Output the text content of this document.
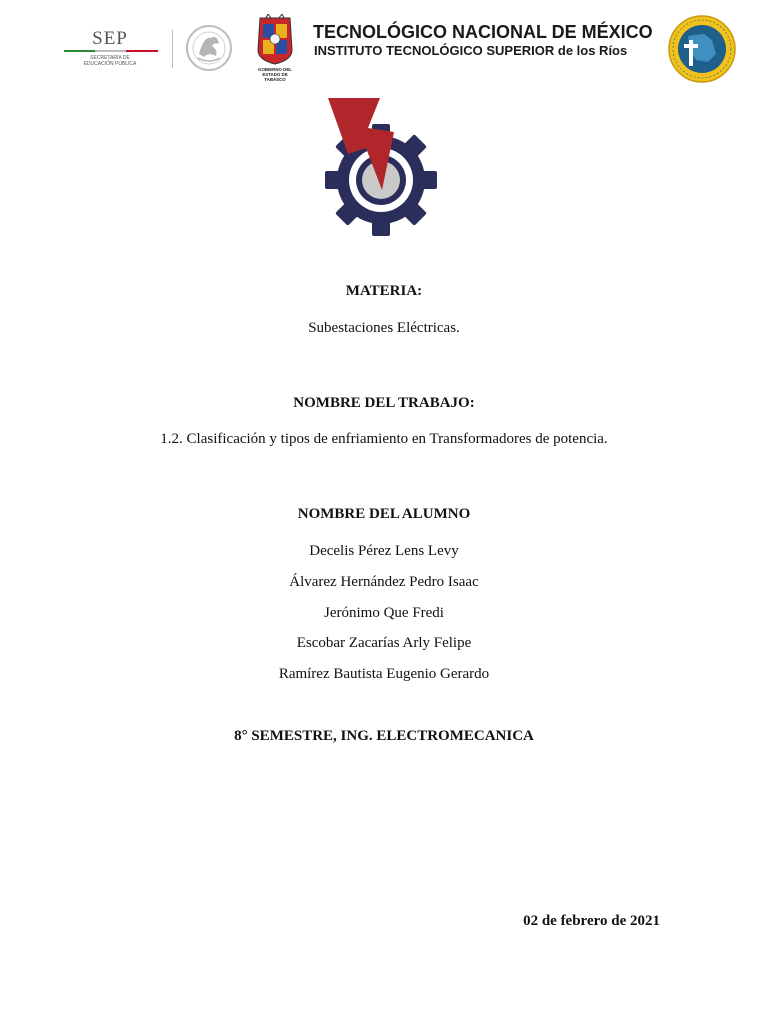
SEP
SECRETARÍA DE
EDUCACIÓN PÚBLICA
GOBIERNO DEL
ESTADO DE
TABASCO
TECNOLÓGICO NACIONAL DE MÉXICO
INSTITUTO TECNOLÓGICO SUPERIOR de los Ríos
MATERIA:
Subestaciones Eléctricas.
NOMBRE DEL TRABAJO:
1.2. Clasificación y tipos de enfriamiento en Transformadores de potencia.
NOMBRE DEL ALUMNO
Decelis Pérez Lens Levy
Álvarez Hernández Pedro Isaac
Jerónimo Que Fredi
Escobar Zacarías Arly Felipe
Ramírez Bautista Eugenio Gerardo
8° SEMESTRE, ING. ELECTROMECANICA
02 de febrero de 2021
